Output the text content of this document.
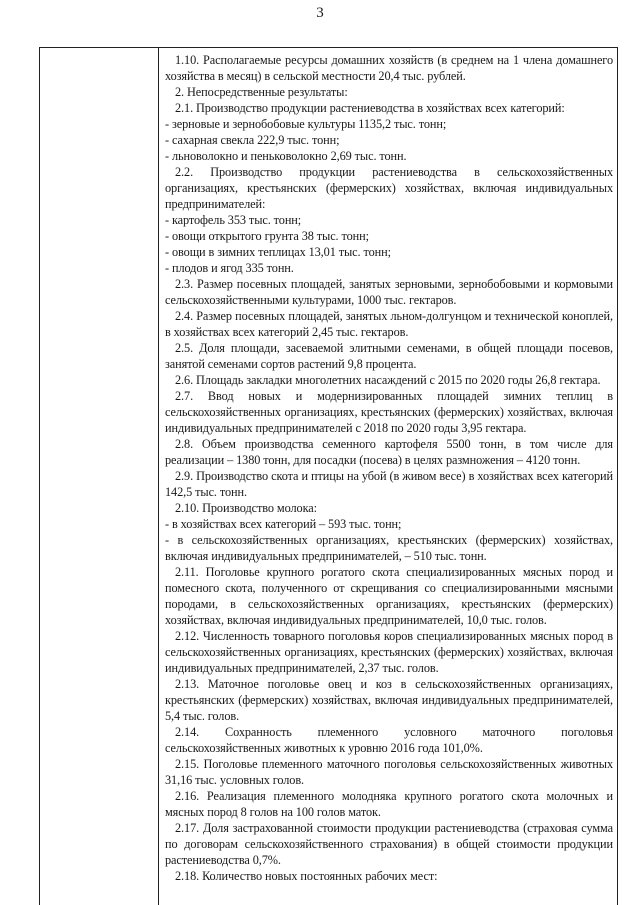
3

1.10. Располагаемые ресурсы домашних хозяйств (в среднем на 1 члена домашнего хозяйства в месяц) в сельской местности 20,4 тыс. рублей.

2. Непосредственные результаты:

2.1. Производство продукции растениеводства в хозяйствах всех категорий:

- зерновые и зернобобовые культуры 1135,2 тыс. тонн;

- сахарная свекла 222,9 тыс. тонн;

- льноволокно и пеньковолокно 2,69 тыс. тонн.

2.2. Производство продукции растениеводства в сельскохозяйственных организациях, крестьянских (фермерских) хозяйствах, включая индивидуальных предпринимателей:

- картофель 353 тыс. тонн;

- овощи открытого грунта 38 тыс. тонн;

- овощи в зимних теплицах 13,01 тыс. тонн;

- плодов и ягод 335 тонн.

2.3. Размер посевных площадей, занятых зерновыми, зернобобовыми и кормовыми сельскохозяйственными культурами, 1000 тыс. гектаров.

2.4. Размер посевных площадей, занятых льном-долгунцом и технической коноплей, в хозяйствах всех категорий 2,45 тыс. гектаров.

2.5. Доля площади, засеваемой элитными семенами, в общей площади посевов, занятой семенами сортов растений 9,8 процента.

2.6. Площадь закладки многолетних насаждений с 2015 по 2020 годы 26,8 гектара.

2.7. Ввод новых и модернизированных площадей зимних теплиц в сельскохозяйственных организациях, крестьянских (фермерских) хозяйствах, включая индивидуальных предпринимателей с 2018 по 2020 годы 3,95 гектара.

2.8. Объем производства семенного картофеля 5500 тонн, в том числе для реализации – 1380 тонн, для посадки (посева) в целях размножения – 4120 тонн.

2.9. Производство скота и птицы на убой (в живом весе) в хозяйствах всех категорий 142,5 тыс. тонн.

2.10. Производство молока:

- в хозяйствах всех категорий – 593 тыс. тонн;

- в сельскохозяйственных организациях, крестьянских (фермерских) хозяйствах, включая индивидуальных предпринимателей, – 510 тыс. тонн.

2.11. Поголовье крупного рогатого скота специализированных мясных пород и помесного скота, полученного от скрещивания со специализированными мясными породами, в сельскохозяйственных организациях, крестьянских (фермерских) хозяйствах, включая индивидуальных предпринимателей, 10,0 тыс. голов.

2.12. Численность товарного поголовья коров специализированных мясных пород в сельскохозяйственных организациях, крестьянских (фермерских) хозяйствах, включая индивидуальных предпринимателей, 2,37 тыс. голов.

2.13. Маточное поголовье овец и коз в сельскохозяйственных организациях, крестьянских (фермерских) хозяйствах, включая индивидуальных предпринимателей, 5,4 тыс. голов.

2.14. Сохранность племенного условного маточного поголовья сельскохозяйственных животных к уровню 2016 года 101,0%.

2.15. Поголовье племенного маточного поголовья сельскохозяйственных животных 31,16 тыс. условных голов.

2.16. Реализация племенного молодняка крупного рогатого скота молочных и мясных пород 8 голов на 100 голов маток.

2.17. Доля застрахованной стоимости продукции растениеводства (страховая сумма по договорам сельскохозяйственного страхования) в общей стоимости продукции растениеводства 0,7%.

2.18. Количество новых постоянных рабочих мест:
